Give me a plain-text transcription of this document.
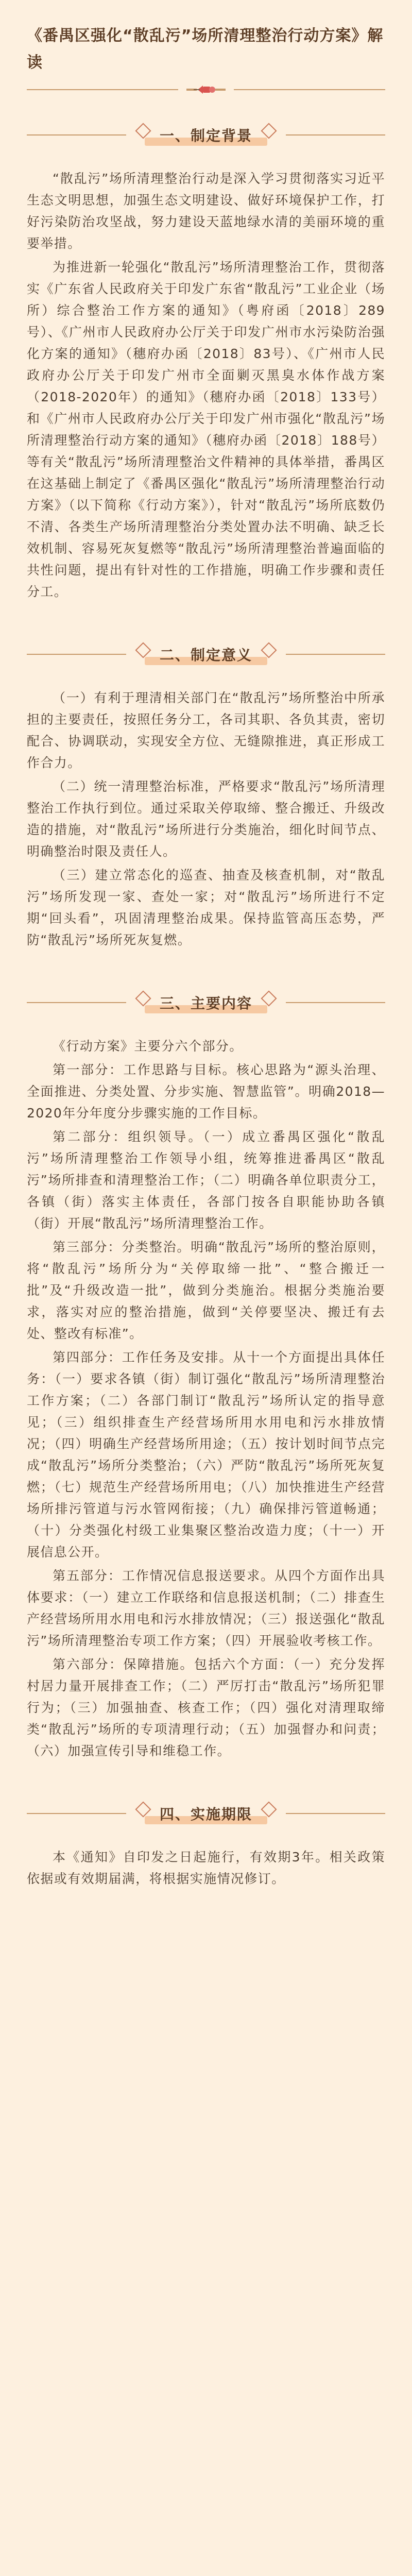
《番禺区强化“散乱污”场所清理整治行动方案》解读
一、制定背景

“散乱污”场所清理整治行动是深入学习贯彻落实习近平生态文明思想，加强生态文明建设、做好环境保护工作，打好污染防治攻坚战，努力建设天蓝地绿水清的美丽环境的重要举措。

为推进新一轮强化“散乱污”场所清理整治工作，贯彻落实《广东省人民政府关于印发广东省“散乱污”工业企业（场所）综合整治工作方案的通知》（粤府函〔2018〕289号）、《广州市人民政府办公厅关于印发广州市水污染防治强化方案的通知》（穗府办函〔2018〕83号）、《广州市人民政府办公厅关于印发广州市全面剿灭黑臭水体作战方案（2018-2020年）的通知》（穗府办函〔2018〕133号）和《广州市人民政府办公厅关于印发广州市强化“散乱污”场所清理整治行动方案的通知》（穗府办函〔2018〕188号）等有关“散乱污”场所清理整治文件精神的具体举措，番禺区在这基础上制定了《番禺区强化“散乱污”场所清理整治行动方案》（以下简称《行动方案》），针对“散乱污”场所底数仍不清、各类生产场所清理整治分类处置办法不明确、缺乏长效机制、容易死灰复燃等“散乱污”场所清理整治普遍面临的共性问题，提出有针对性的工作措施，明确工作步骤和责任分工。

二、制定意义

（一）有利于理清相关部门在“散乱污”场所整治中所承担的主要责任，按照任务分工，各司其职、各负其责，密切配合、协调联动，实现安全方位、无缝隙推进，真正形成工作合力。

（二）统一清理整治标准，严格要求“散乱污”场所清理整治工作执行到位。通过采取关停取缔、整合搬迁、升级改造的措施，对“散乱污”场所进行分类施治，细化时间节点、明确整治时限及责任人。

（三）建立常态化的巡查、抽查及核查机制，对“散乱污”场所发现一家、查处一家；对“散乱污”场所进行不定期“回头看”，巩固清理整治成果。保持监管高压态势，严防“散乱污”场所死灰复燃。

三、主要内容

《行动方案》主要分六个部分。

第一部分：工作思路与目标。核心思路为“源头治理、全面推进、分类处置、分步实施、智慧监管”。明确2018—2020年分年度分步骤实施的工作目标。

第二部分：组织领导。（一）成立番禺区强化“散乱污”场所清理整治工作领导小组，统筹推进番禺区“散乱污”场所排查和清理整治工作；（二）明确各单位职责分工，各镇（街）落实主体责任，各部门按各自职能协助各镇（街）开展“散乱污”场所清理整治工作。

第三部分：分类整治。明确“散乱污”场所的整治原则，将“散乱污”场所分为“关停取缔一批”、“整合搬迁一批”及“升级改造一批”，做到分类施治。根据分类施治要求，落实对应的整治措施，做到“关停要坚决、搬迁有去处、整改有标准”。

第四部分：工作任务及安排。从十一个方面提出具体任务：（一）要求各镇（街）制订强化“散乱污”场所清理整治工作方案；（二）各部门制订“散乱污”场所认定的指导意见；（三）组织排查生产经营场所用水用电和污水排放情况；（四）明确生产经营场所用途；（五）按计划时间节点完成“散乱污”场所分类整治；（六）严防“散乱污”场所死灰复燃；（七）规范生产经营场所用电；（八）加快推进生产经营场所排污管道与污水管网衔接；（九）确保排污管道畅通；（十）分类强化村级工业集聚区整治改造力度；（十一）开展信息公开。

第五部分：工作情况信息报送要求。从四个方面作出具体要求：（一）建立工作联络和信息报送机制；（二）排查生产经营场所用水用电和污水排放情况；（三）报送强化“散乱污”场所清理整治专项工作方案；（四）开展验收考核工作。

第六部分：保障措施。包括六个方面：（一）充分发挥村居力量开展排查工作；（二）严厉打击“散乱污”场所犯罪行为；（三）加强抽查、核查工作；（四）强化对清理取缔类“散乱污”场所的专项清理行动；（五）加强督办和问责；（六）加强宣传引导和维稳工作。

四、实施期限

本《通知》自印发之日起施行，有效期3年。相关政策依据或有效期届满，将根据实施情况修订。
